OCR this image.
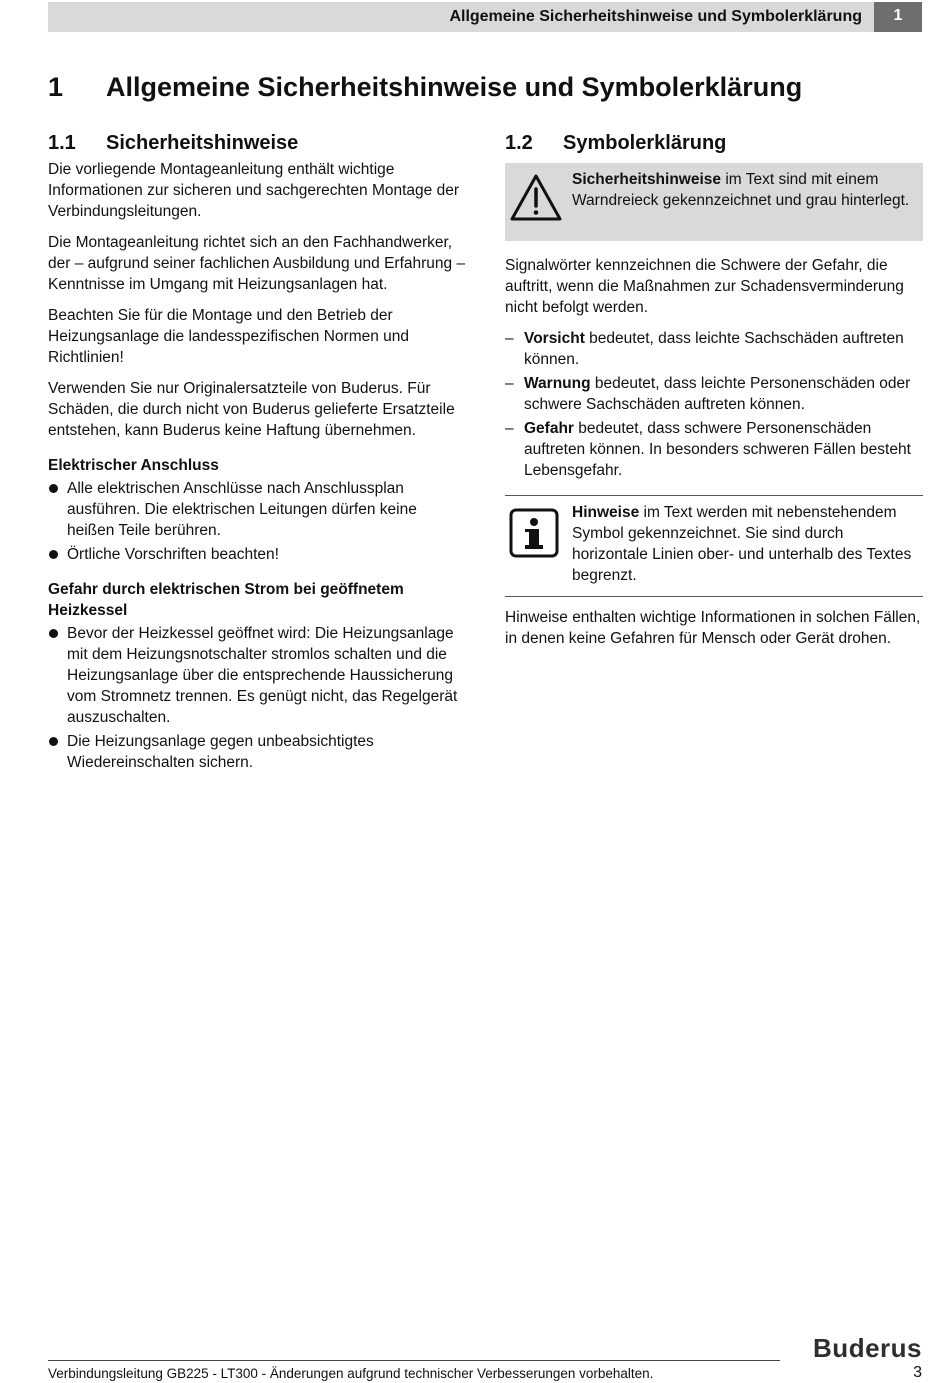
Allgemeine Sicherheitshinweise und Symbolerklärung	1
1 Allgemeine Sicherheitshinweise und Symbolerklärung
1.1 Sicherheitshinweise

Die vorliegende Montageanleitung enthält wichtige Informationen zur sicheren und sachgerechten Montage der Verbindungsleitungen.

Die Montageanleitung richtet sich an den Fachhandwerker, der – aufgrund seiner fachlichen Ausbildung und Erfahrung – Kenntnisse im Umgang mit Heizungsanlagen hat.

Beachten Sie für die Montage und den Betrieb der Heizungsanlage die landesspezifischen Normen und Richtlinien!

Verwenden Sie nur Originalersatzteile von Buderus. Für Schäden, die durch nicht von Buderus gelieferte Ersatzteile entstehen, kann Buderus keine Haftung übernehmen.

Elektrischer Anschluss
Alle elektrischen Anschlüsse nach Anschlussplan ausführen. Die elektrischen Leitungen dürfen keine heißen Teile berühren.
Örtliche Vorschriften beachten!
Gefahr durch elektrischen Strom bei geöffnetem Heizkessel
Bevor der Heizkessel geöffnet wird: Die Heizungsanlage mit dem Heizungsnotschalter stromlos schalten und die Heizungsanlage über die entsprechende Haussicherung vom Stromnetz trennen. Es genügt nicht, das Regelgerät auszuschalten.
Die Heizungsanlage gegen unbeabsichtigtes Wiedereinschalten sichern.
1.2 Symbolerklärung

Sicherheitshinweise im Text sind mit einem Warndreieck gekennzeichnet und grau hinterlegt.

Signalwörter kennzeichnen die Schwere der Gefahr, die auftritt, wenn die Maßnahmen zur Schadensverminderung nicht befolgt werden.

– Vorsicht bedeutet, dass leichte Sachschäden auftreten können.
– Warnung bedeutet, dass leichte Personenschäden oder schwere Sachschäden auftreten können.
– Gefahr bedeutet, dass schwere Personenschäden auftreten können. In besonders schweren Fällen besteht Lebensgefahr.

Hinweise im Text werden mit nebenstehendem Symbol gekennzeichnet. Sie sind durch horizontale Linien ober- und unterhalb des Textes begrenzt.

Hinweise enthalten wichtige Informationen in solchen Fällen, in denen keine Gefahren für Mensch oder Gerät drohen.

Buderus
Verbindungsleitung GB225 - LT300 - Änderungen aufgrund technischer Verbesserungen vorbehalten.	3
